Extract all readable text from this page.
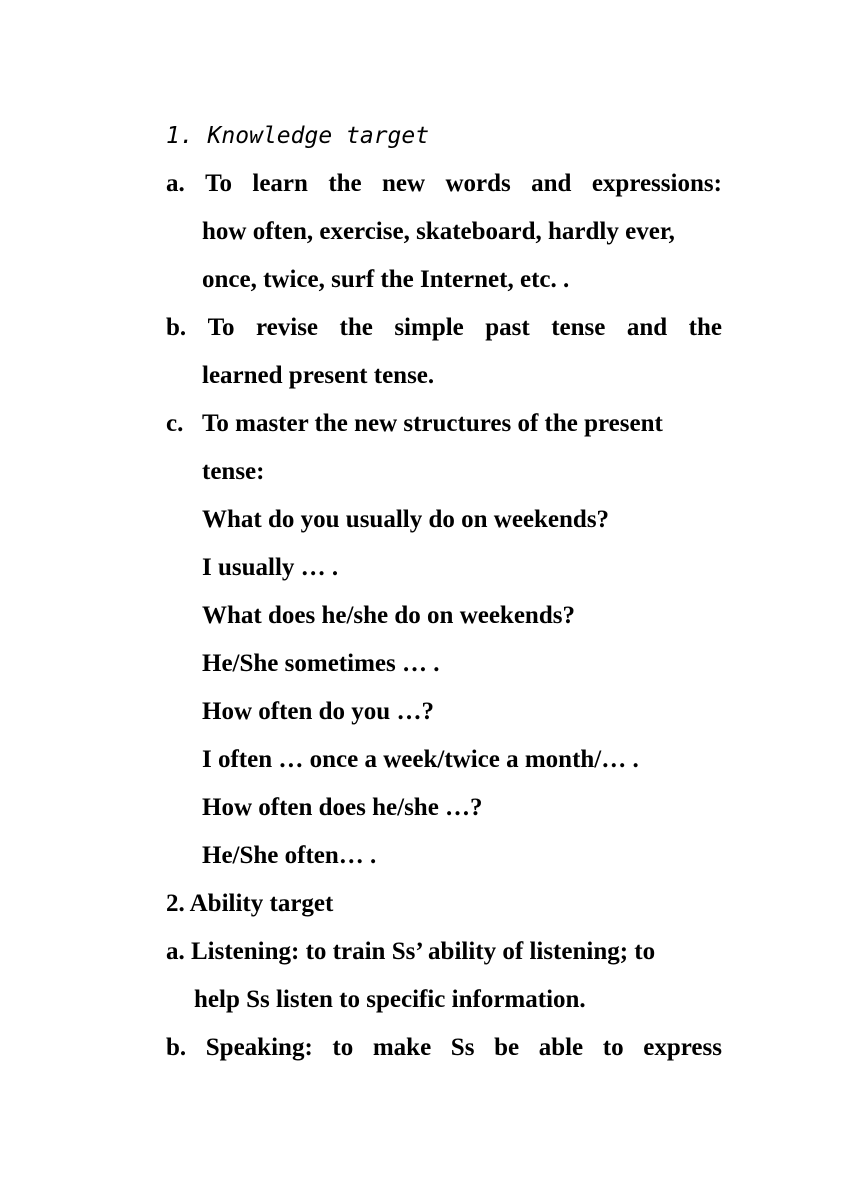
1. Knowledge target
a. To learn the new words and expressions:
how often, exercise, skateboard, hardly ever,
once, twice, surf the Internet, etc. .
b. To revise the simple past tense and the
learned present tense.
c. To master the new structures of the present
tense:
What do you usually do on weekends?
I usually … .
What does he/she do on weekends?
He/She sometimes … .
How often do you …?
I often … once a week/twice a month/… .
How often does he/she …?
He/She often… .
2. Ability target
a. Listening: to train Ss’ ability of listening; to
help Ss listen to specific information.
b. Speaking: to make Ss be able to express
